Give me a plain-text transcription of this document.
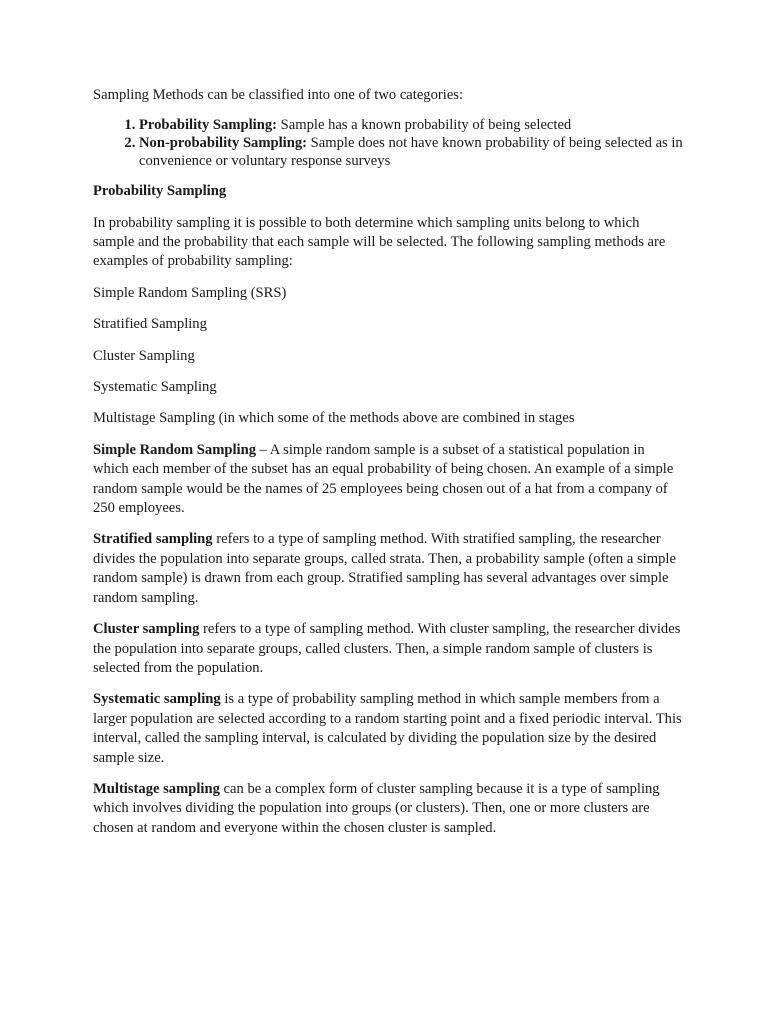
Sampling Methods can be classified into one of two categories:

1. Probability Sampling: Sample has a known probability of being selected
2. Non-probability Sampling: Sample does not have known probability of being selected as in convenience or voluntary response surveys

Probability Sampling

In probability sampling it is possible to both determine which sampling units belong to which sample and the probability that each sample will be selected. The following sampling methods are examples of probability sampling:

Simple Random Sampling (SRS)

Stratified Sampling

Cluster Sampling

Systematic Sampling

Multistage Sampling (in which some of the methods above are combined in stages

Simple Random Sampling – A simple random sample is a subset of a statistical population in which each member of the subset has an equal probability of being chosen. An example of a simple random sample would be the names of 25 employees being chosen out of a hat from a company of 250 employees.

Stratified sampling refers to a type of sampling method. With stratified sampling, the researcher divides the population into separate groups, called strata. Then, a probability sample (often a simple random sample) is drawn from each group. Stratified sampling has several advantages over simple random sampling.

Cluster sampling refers to a type of sampling method. With cluster sampling, the researcher divides the population into separate groups, called clusters. Then, a simple random sample of clusters is selected from the population.

Systematic sampling is a type of probability sampling method in which sample members from a larger population are selected according to a random starting point and a fixed periodic interval. This interval, called the sampling interval, is calculated by dividing the population size by the desired sample size.

Multistage sampling can be a complex form of cluster sampling because it is a type of sampling which involves dividing the population into groups (or clusters). Then, one or more clusters are chosen at random and everyone within the chosen cluster is sampled.
